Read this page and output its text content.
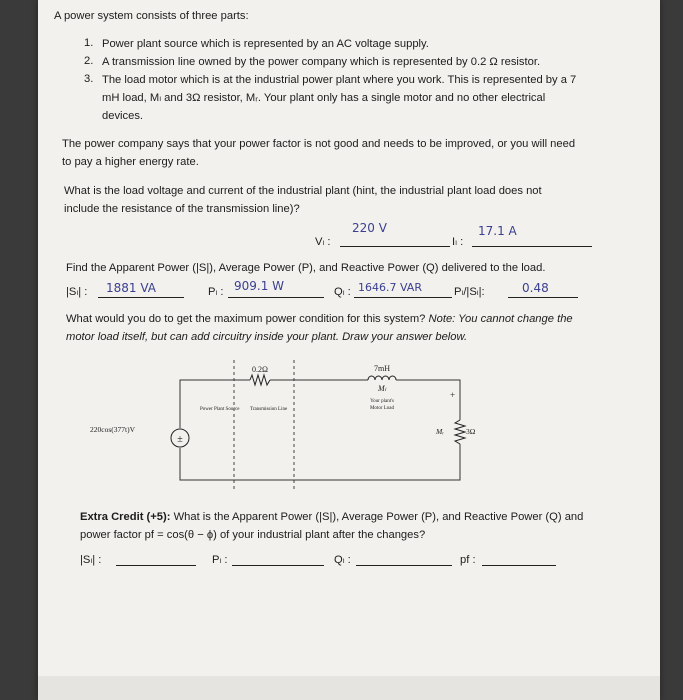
A power system consists of three parts:
1. Power plant source which is represented by an AC voltage supply.
2. A transmission line owned by the power company which is represented by 0.2 Ω resistor.
3. The load motor which is at the industrial power plant where you work. This is represented by a 7
mH load, Mₗ and 3Ω resistor, Mᵣ. Your plant only has a single motor and no other electrical
devices.
The power company says that your power factor is not good and needs to be improved, or you will need
to pay a higher energy rate.
What is the load voltage and current of the industrial plant (hint, the industrial plant load does not
include the resistance of the transmission line)?
Vₗ :
220 V
Iₗ :
17.1 A
Find the Apparent Power (|S|), Average Power (P), and Reactive Power (Q) delivered to the load.
|Sₗ| : 1881 VA	Pₗ : 909.1 W	Qₗ : 1646.7 VAR	Pₗ/|Sₗ|:	0.48
What would you do to get the maximum power condition for this system? Note: You cannot change the
motor load itself, but can add circuitry inside your plant. Draw your answer below.
±
+
0.2Ω	7mH
Mₗ
Your plant's
Motor Load
Power Plant Source Transmission Line
220cos(377t)V	Mᵣ	3Ω
Extra Credit (+5): What is the Apparent Power (|S|), Average Power (P), and Reactive Power (Q) and
power factor pf = cos(θ − ϕ) of your industrial plant after the changes?
|Sₗ| :	Pₗ :	Qₗ :	pf :
